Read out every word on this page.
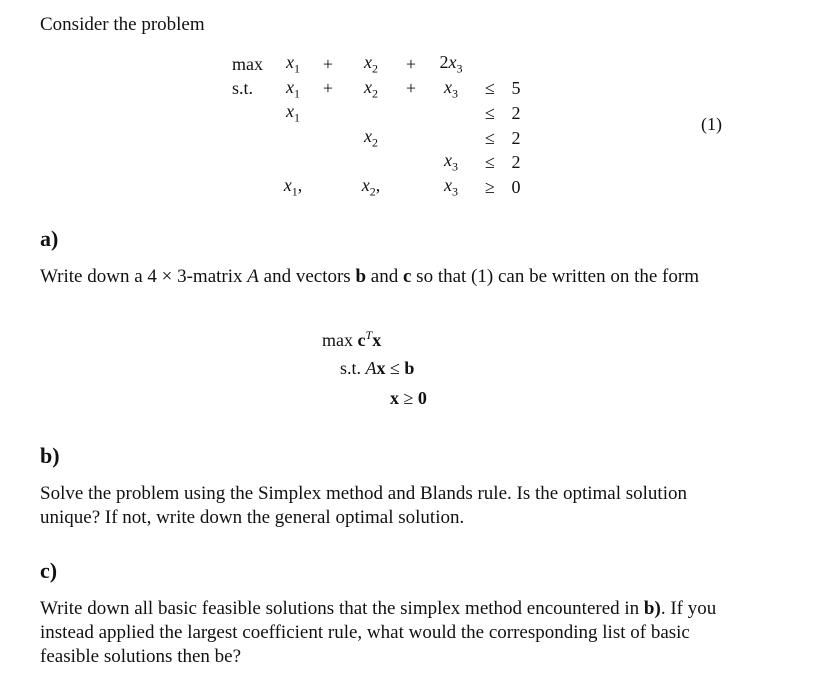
Consider the problem
max	$x_1$	+	$x_2$	+	$2x_3$		
s.t.	$x_1$	+	$x_2$	+	$x_3$	≤	5
	$x_1$					≤	2
			$x_2$			≤	2
					$x_3$	≤	2
	$x_1$,		$x_2$,		$x_3$	≥	0
(1)
a)
Write down a 4 × 3-matrix A and vectors b and c so that (1) can be written on the form
$\max c^Tx$
s.t. Ax ≤ b
x ≥ 0
b)
Solve the problem using the Simplex method and Blands rule. Is the optimal solution unique? If not, write down the general optimal solution.
c)
Write down all basic feasible solutions that the simplex method encountered in b). If you instead applied the largest coefficient rule, what would the corresponding list of basic feasible solutions then be?
